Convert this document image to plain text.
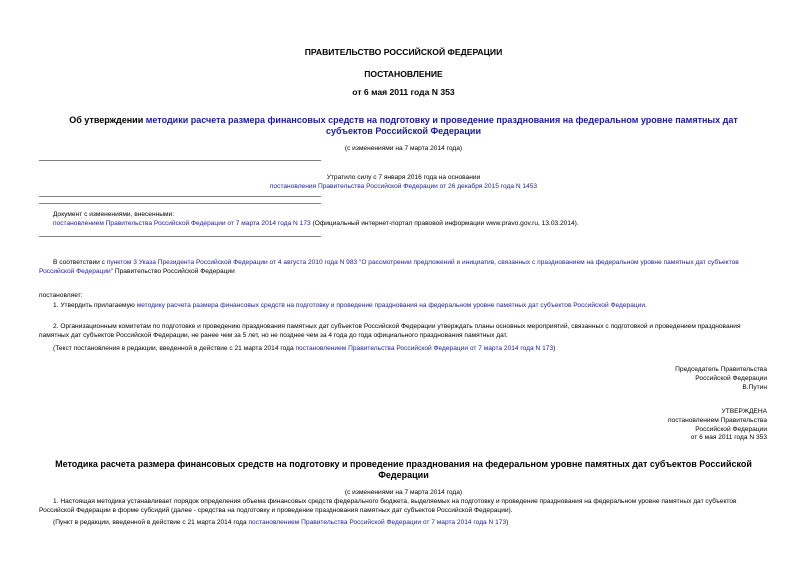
ПРАВИТЕЛЬСТВО РОССИЙСКОЙ ФЕДЕРАЦИИ
ПОСТАНОВЛЕНИЕ
от 6 мая 2011 года N 353
Об утверждении методики расчета размера финансовых средств на подготовку и проведение празднования на федеральном уровне памятных дат субъектов Российской Федерации
(с изменениями на 7 марта 2014 года)
Утратило силу с 7 января 2016 года на основании
постановления Правительства Российской Федерации от 26 декабря 2015 года N 1453
Документ с изменениями, внесенными:
постановлением Правительства Российской Федерации от 7 марта 2014 года N 173 (Официальный интернет-портал правовой информации www.pravo.gov.ru, 13.03.2014).
В соответствии с пунктом 3 Указа Президента Российской Федерации от 4 августа 2010 года N 983 "О рассмотрении предложений и инициатив, связанных с празднованием на федеральном уровне памятных дат субъектов Российской Федерации" Правительство Российской Федерации
постановляет:
1. Утвердить прилагаемую методику расчета размера финансовых средств на подготовку и проведение празднования на федеральном уровне памятных дат субъектов Российской Федерации.
2. Организационным комитетам по подготовке и проведению празднования памятных дат субъектов Российской Федерации утверждать планы основных мероприятий, связанных с подготовкой и проведением празднования памятных дат субъектов Российской Федерации, не ранее чем за 5 лет, но не позднее чем за 4 года до года официального празднования памятных дат.
(Текст постановления в редакции, введенной в действие с 21 марта 2014 года постановлением Правительства Российской Федерации от 7 марта 2014 года N 173)
Председатель Правительства
Российской Федерации
В.Путин
УТВЕРЖДЕНА
постановлением Правительства
Российской Федерации
от 6 мая 2011 года N 353
Методика расчета размера финансовых средств на подготовку и проведение празднования на федеральном уровне памятных дат субъектов Российской Федерации
(с изменениями на 7 марта 2014 года)
1. Настоящая методика устанавливает порядок определения объема финансовых средств федерального бюджета, выделяемых на подготовку и проведение празднования на федеральном уровне памятных дат субъектов Российской Федерации в форме субсидий (далее - средства на подготовку и проведение празднования памятных дат субъектов Российской Федерации).
(Пункт в редакции, введенной в действие с 21 марта 2014 года постановлением Правительства Российской Федерации от 7 марта 2014 года N 173)
